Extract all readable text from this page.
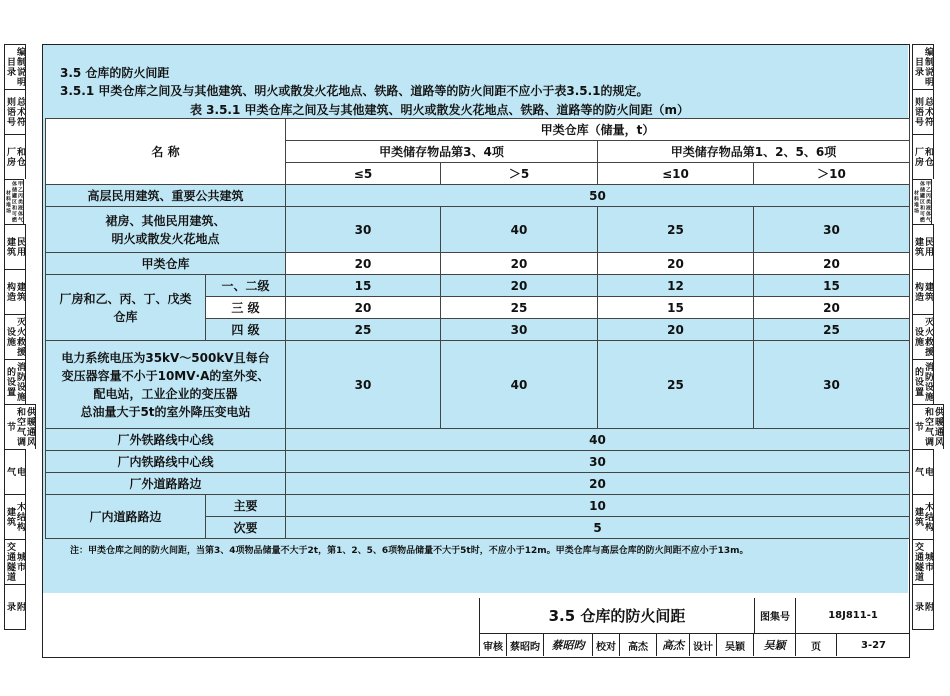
编制说明
目录
总术符
则语号
和仓
厂房
甲乙丙类液体气体储罐区和可燃材料堆场
民用
建筑
建筑
构造
灭火救援
设施
消防设施
的设置
供暖通风
和空气调节
电
气
木结构
建筑
城市
交通隧道
附
录
编制说明
目录
总术符
则语号
和仓
厂房
甲乙丙类液体气体储罐区和可燃材料堆场
民用
建筑
建筑
构造
灭火救援
设施
消防设施
的设置
供暖通风
和空气调节
电
气
木结构
建筑
城市
交通隧道
附
录
3.5 仓库的防火间距
3.5.1 甲类仓库之间及与其他建筑、明火或散发火花地点、铁路、道路等的防火间距不应小于表3.5.1的规定。
表 3.5.1 甲类仓库之间及与其他建筑、明火或散发火花地点、铁路、道路等的防火间距（m）
名 称		甲类仓库（储量，t）			
		甲类储存物品第3、4项		甲类储存物品第1、2、5、6项	
		≤5	＞5	≤10	＞10
高层民用建筑、重要公共建筑		50			

裙房、其他民用建筑、
明火或散发火花地点		30	40	25	30
甲类仓库		20	20	20	20

厂房和乙、丙、丁、戊类
仓库	一、二级	15	20	12	15
	三 级	20	25	15	20
	四 级	25	30	20	25

电力系统电压为35kV～500kV且每台
变压器容量不小于10MV·A的室外变、
配电站，工业企业的变压器
总油量大于5t的室外降压变电站		30	40	25	30
厂外铁路线中心线		40			
厂内铁路线中心线		30			
厂外道路路边		20			
厂内道路路边	主要	10			
	次要	5			
注：甲类仓库之间的防火间距，当第3、4项物品储量不大于2t，第1、2、5、6项物品储量不大于5t时，不应小于12m。甲类仓库与高层仓库的防火间距不应小于13m。
3.5 仓库的防火间距	图集号	18J811-1
审核 蔡昭昀	蔡昭昀	校对	高杰	高杰 设计	吴颖	吴颖	页	3-27
